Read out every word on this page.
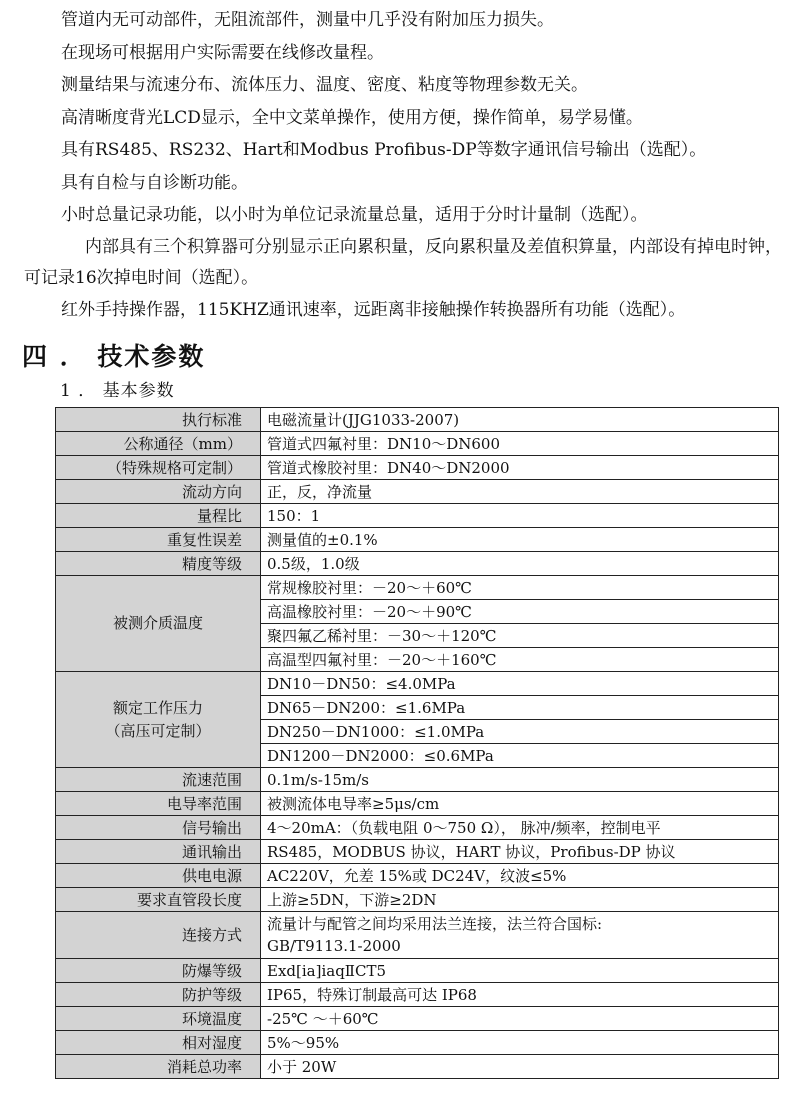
管道内无可动部件，无阻流部件，测量中几乎没有附加压力损失。
在现场可根据用户实际需要在线修改量程。
测量结果与流速分布、流体压力、温度、密度、粘度等物理参数无关。
高清晰度背光LCD显示，全中文菜单操作，使用方便，操作简单，易学易懂。
具有RS485、RS232、Hart和Modbus Profibus-DP等数字通讯信号输出（选配）。
具有自检与自诊断功能。
小时总量记录功能，以小时为单位记录流量总量，适用于分时计量制（选配）。
内部具有三个积算器可分别显示正向累积量，反向累积量及差值积算量，内部设有掉电时钟，可记录16次掉电时间（选配）。
红外手持操作器，115KHZ通讯速率，远距离非接触操作转换器所有功能（选配）。
四 ． 技术参数
1 ． 基本参数
执行标准	电磁流量计(JJG1033-2007)
公称通径（mm）	管道式四氟衬里：DN10～DN600
（特殊规格可定制）	管道式橡胶衬里：DN40～DN2000
流动方向	正，反，净流量
量程比	150：1
重复性误差	测量值的±0.1%
精度等级	0.5级，1.0级
被测介质温度	常规橡胶衬里：－20～＋60℃
	高温橡胶衬里：－20～＋90℃
	聚四氟乙稀衬里：－30～＋120℃
	高温型四氟衬里：－20～＋160℃

额定工作压力
（高压可定制）	DN10－DN50：≤4.0MPa
	DN65－DN200：≤1.6MPa
	DN250－DN1000：≤1.0MPa
	DN1200－DN2000：≤0.6MPa
流速范围	0.1m/s-15m/s
电导率范围	被测流体电导率≥5μs/cm
信号输出	4～20mA：（负载电阻 0～750 Ω）， 脉冲/频率，控制电平
通讯输出	RS485，MODBUS 协议，HART 协议，Profibus-DP 协议
供电电源	AC220V，允差 15%或 DC24V，纹波≤5%
要求直管段长度	上游≥5DN，下游≥2DN
连接方式	流量计与配管之间均采用法兰连接，法兰符合国标:
GB/T9113.1-2000

防爆等级	Exd[ia]iaqⅡCT5
防护等级	IP65，特殊订制最高可达 IP68
环境温度	-25℃ ～＋60℃
相对湿度	5%～95%
消耗总功率	小于 20W
